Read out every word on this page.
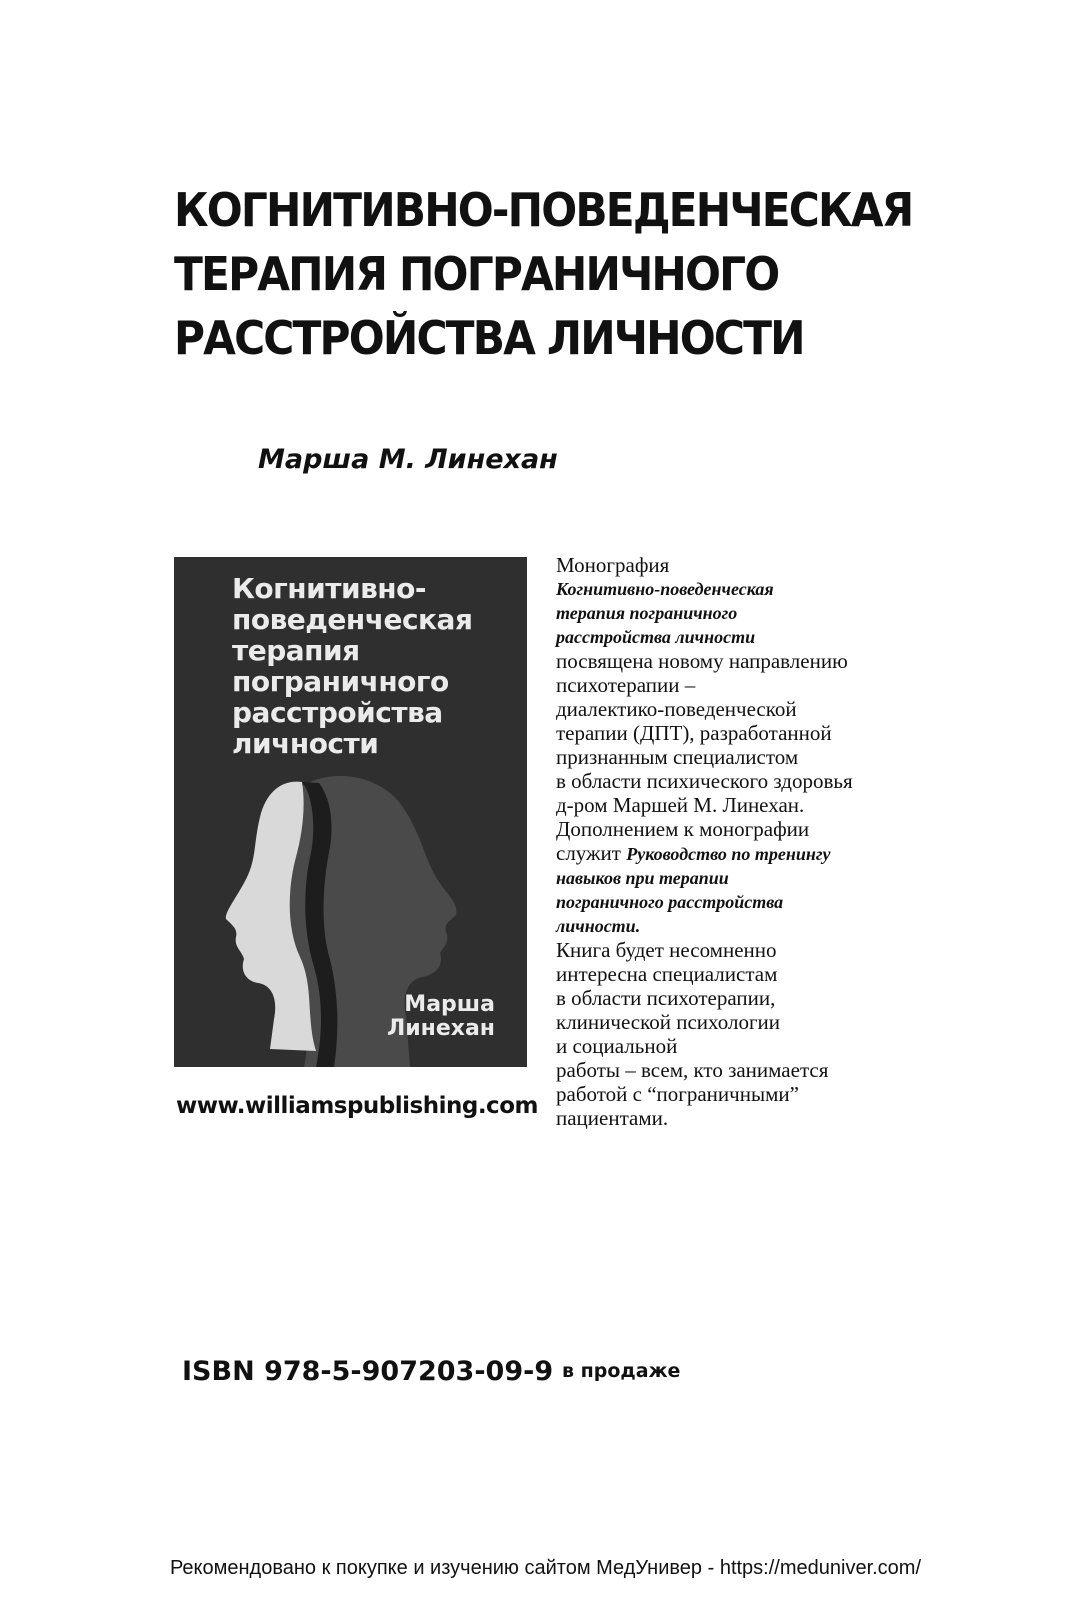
КОГНИТИВНО-ПОВЕДЕНЧЕСКАЯ
ТЕРАПИЯ ПОГРАНИЧНОГО
РАССТРОЙСТВА ЛИЧНОСТИ
Марша М. Линехан
Когнитивно-
поведенческая
терапия
пограничного
расстройства
личности
Марша
Линехан
www.williamspublishing.com
Монография
Когнитивно-поведенческая
терапия пограничного
расстройства личности
посвящена новому направлению
психотерапии –
диалектико-поведенческой
терапии (ДПТ), разработанной
признанным специалистом
в области психического здоровья
д-ром Маршей М. Линехан.
Дополнением к монографии
служит Руководство по тренингу
навыков при терапии
пограничного расстройства
личности.
Книга будет несомненно
интересна специалистам
в области психотерапии,
клинической психологии
и социальной
работы – всем, кто занимается
работой с “пограничными”
пациентами.
ISBN 978-5-907203-09-9 в продаже
Рекомендовано к покупке и изучению сайтом МедУнивер - https://meduniver.com/
